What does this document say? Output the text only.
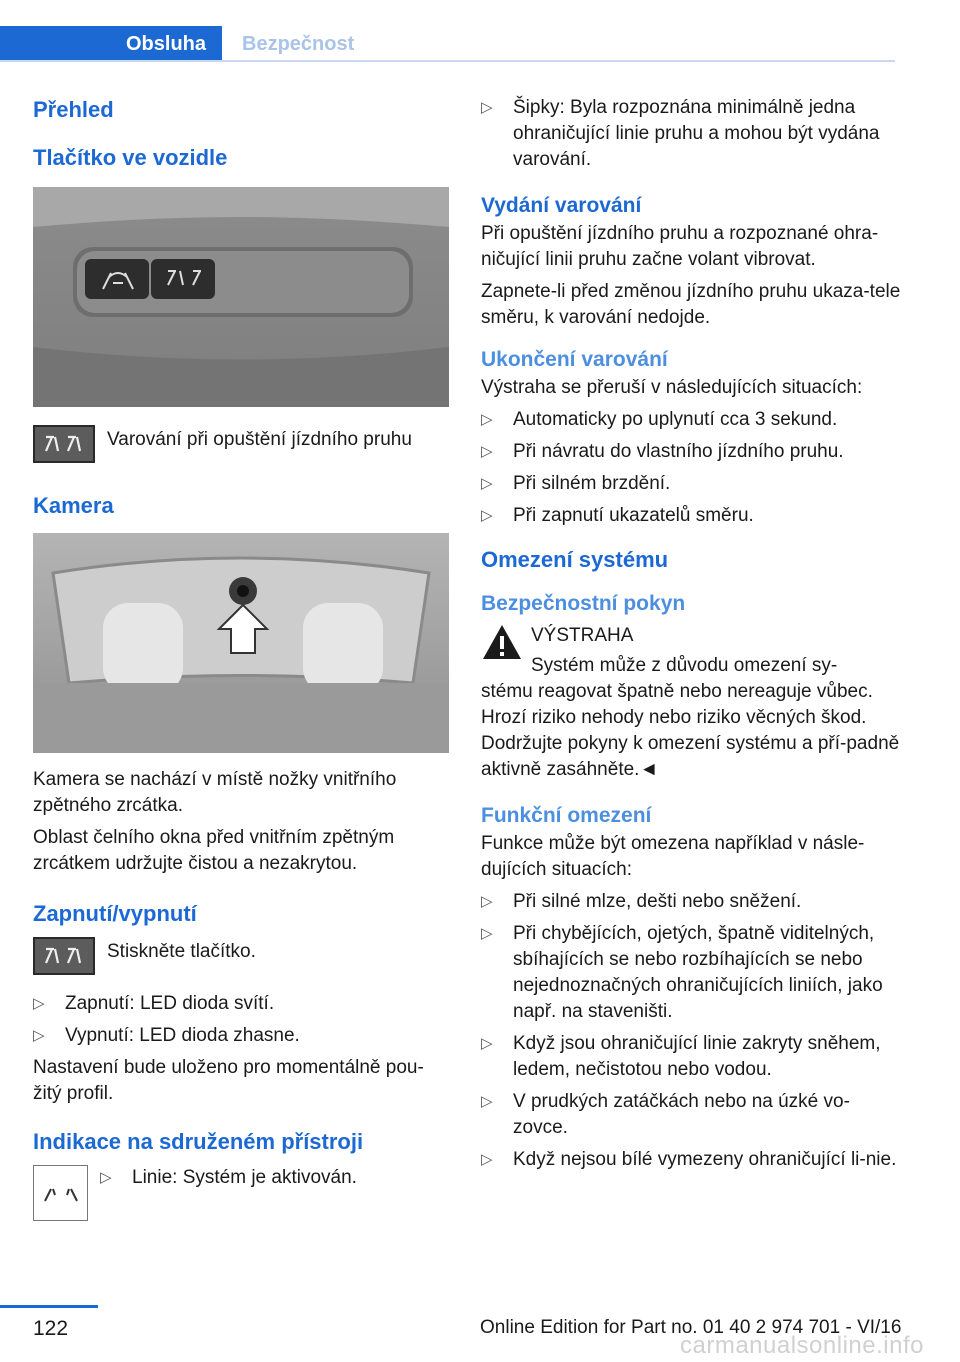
Obsluha	Bezpečnost
Přehled
Tlačítko ve vozidle

Varování při opuštění jízdního pruhu

Kamera

Kamera se nachází v místě nožky vnitřního zpětného zrcátka.

Oblast čelního okna před vnitřním zpětným zrcátkem udržujte čistou a nezakrytou.

Zapnutí/vypnutí

Stiskněte tlačítko.

▷ Zapnutí: LED dioda svítí.
▷ Vypnutí: LED dioda zhasne.

Nastavení bude uloženo pro momentálně pou-žitý profil.

Indikace na sdruženém přístroji
▷ Linie: Systém je aktivován.
▷ Šipky: Byla rozpoznána minimálně jedna ohraničující linie pruhu a mohou být vydána varování.
Vydání varování

Při opuštění jízdního pruhu a rozpoznané ohra-ničující linii pruhu začne volant vibrovat.

Zapnete-li před změnou jízdního pruhu ukaza-tele směru, k varování nedojde.

Ukončení varování

Výstraha se přeruší v následujících situacích:

▷ Automaticky po uplynutí cca 3 sekund.
▷ Při návratu do vlastního jízdního pruhu.
▷ Při silném brzdění.
▷ Při zapnutí ukazatelů směru.
Omezení systému
Bezpečnostní pokyn

VÝSTRAHA

Systém může z důvodu omezení sy-

stému reagovat špatně nebo nereaguje vůbec. Hrozí riziko nehody nebo riziko věcných škod. Dodržujte pokyny k omezení systému a pří-padně aktivně zasáhněte.◄

Funkční omezení

Funkce může být omezena například v násle-dujících situacích:

▷ Při silné mlze, dešti nebo sněžení.
▷ Při chybějících, ojetých, špatně viditelných, sbíhajících se nebo rozbíhajících se nebo nejednoznačných ohraničujících liniích, jako např. na staveništi.
▷ Když jsou ohraničující linie zakryty sněhem, ledem, nečistotou nebo vodou.
▷ V prudkých zatáčkách nebo na úzké vo-zovce.
▷ Když nejsou bílé vymezeny ohraničující li-nie.
122	Online Edition for Part no. 01 40 2 974 701 - VI/16
carmanualsonline.info
